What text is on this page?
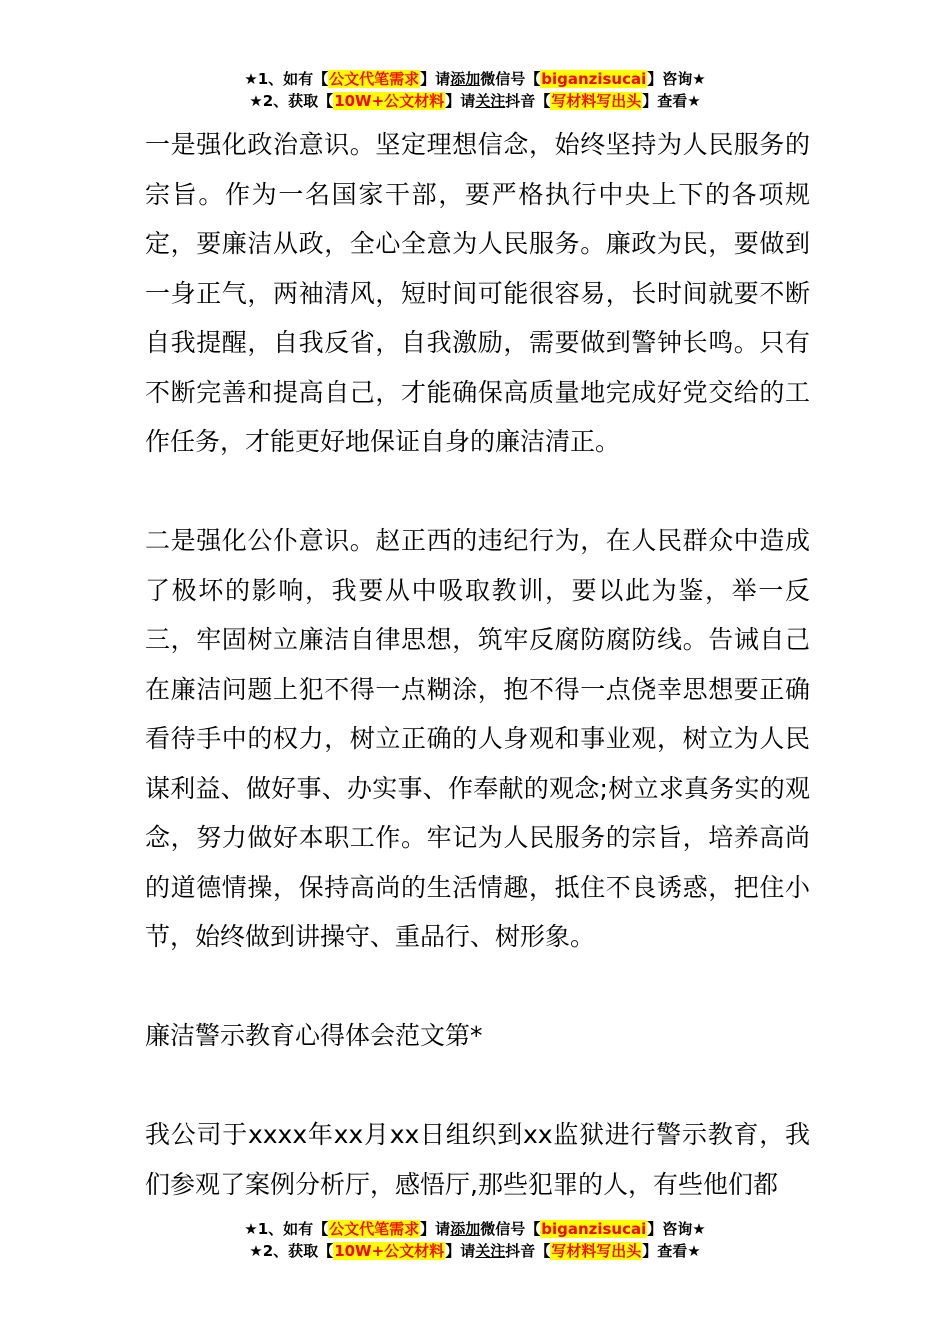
★1、如有【公文代笔需求】请添加微信号【biganzisucai】咨询★
★2、获取【10W+公文材料】请关注抖音【写材料写出头】查看★

一是强化政治意识。坚定理想信念，始终坚持为人民服务的宗旨。作为一名国家干部，要严格执行中央上下的各项规定，要廉洁从政，全心全意为人民服务。廉政为民，要做到一身正气，两袖清风，短时间可能很容易，长时间就要不断自我提醒，自我反省，自我激励，需要做到警钟长鸣。只有不断完善和提高自己，才能确保高质量地完成好党交给的工作任务，才能更好地保证自身的廉洁清正。

二是强化公仆意识。赵正西的违纪行为，在人民群众中造成了极坏的影响，我要从中吸取教训，要以此为鉴，举一反三，牢固树立廉洁自律思想，筑牢反腐防腐防线。告诫自己在廉洁问题上犯不得一点糊涂，抱不得一点侥幸思想要正确看待手中的权力，树立正确的人身观和事业观，树立为人民谋利益、做好事、办实事、作奉献的观念;树立求真务实的观念，努力做好本职工作。牢记为人民服务的宗旨，培养高尚的道德情操，保持高尚的生活情趣，抵住不良诱惑，把住小节，始终做到讲操守、重品行、树形象。

廉洁警示教育心得体会范文第*

我公司于xxxx年xx月xx日组织到xx监狱进行警示教育，我们参观了案例分析厅，感悟厅,那些犯罪的人，有些他们都

★1、如有【公文代笔需求】请添加微信号【biganzisucai】咨询★
★2、获取【10W+公文材料】请关注抖音【写材料写出头】查看★
